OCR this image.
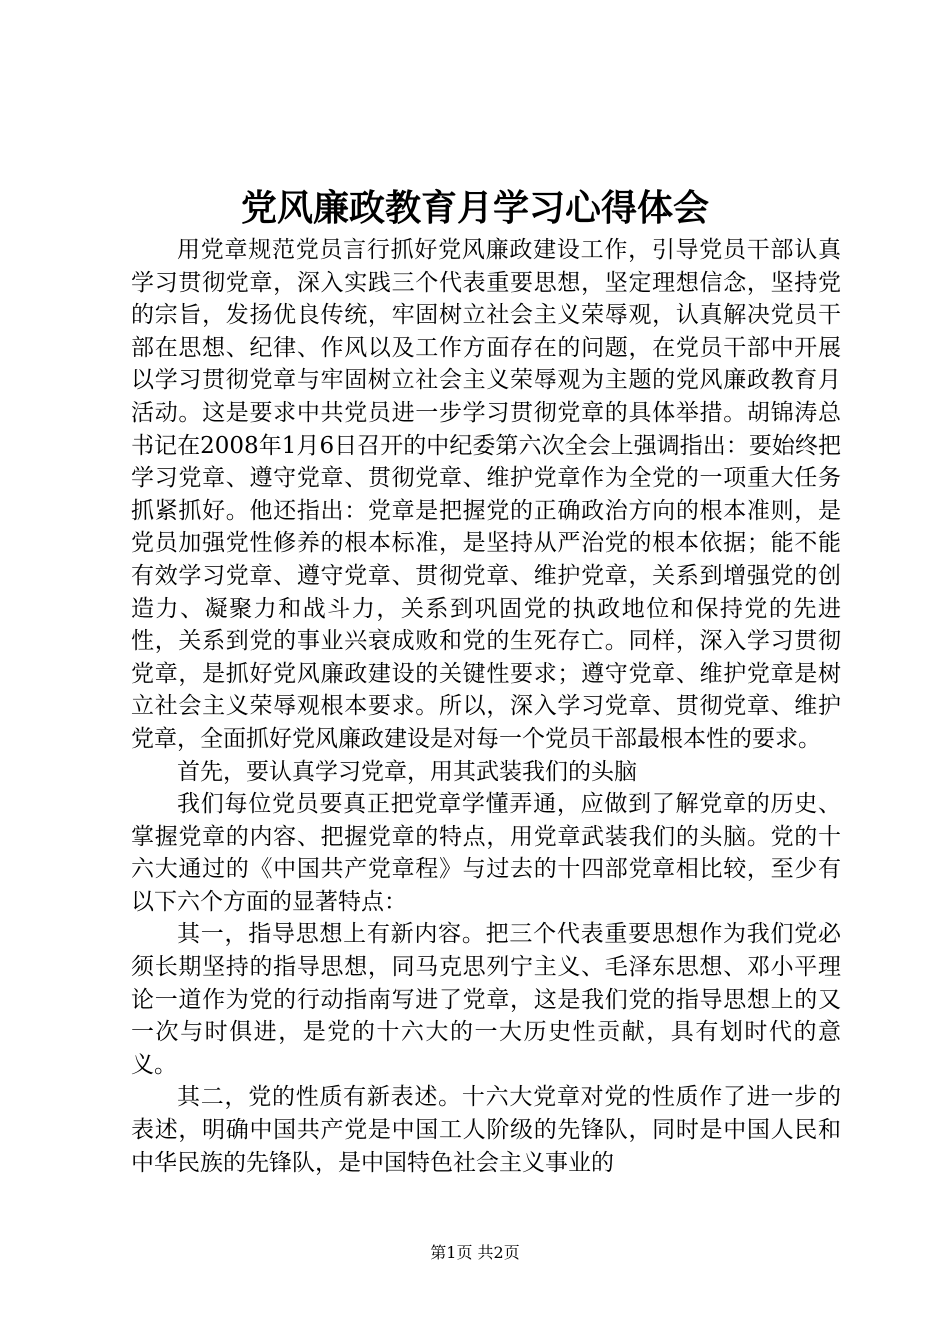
党风廉政教育月学习心得体会

用党章规范党员言行抓好党风廉政建设工作，引导党员干部认真学习贯彻党章，深入实践三个代表重要思想，坚定理想信念，坚持党的宗旨，发扬优良传统，牢固树立社会主义荣辱观，认真解决党员干部在思想、纪律、作风以及工作方面存在的问题，在党员干部中开展以学习贯彻党章与牢固树立社会主义荣辱观为主题的党风廉政教育月活动。这是要求中共党员进一步学习贯彻党章的具体举措。胡锦涛总书记在2008年1月6日召开的中纪委第六次全会上强调指出：要始终把学习党章、遵守党章、贯彻党章、维护党章作为全党的一项重大任务抓紧抓好。他还指出：党章是把握党的正确政治方向的根本准则，是党员加强党性修养的根本标准，是坚持从严治党的根本依据；能不能有效学习党章、遵守党章、贯彻党章、维护党章，关系到增强党的创造力、凝聚力和战斗力，关系到巩固党的执政地位和保持党的先进性，关系到党的事业兴衰成败和党的生死存亡。同样，深入学习贯彻党章，是抓好党风廉政建设的关键性要求；遵守党章、维护党章是树立社会主义荣辱观根本要求。所以，深入学习党章、贯彻党章、维护党章，全面抓好党风廉政建设是对每一个党员干部最根本性的要求。

首先，要认真学习党章，用其武装我们的头脑

我们每位党员要真正把党章学懂弄通，应做到了解党章的历史、掌握党章的内容、把握党章的特点，用党章武装我们的头脑。党的十六大通过的《中国共产党章程》与过去的十四部党章相比较，至少有以下六个方面的显著特点：

其一，指导思想上有新内容。把三个代表重要思想作为我们党必须长期坚持的指导思想，同马克思列宁主义、毛泽东思想、邓小平理论一道作为党的行动指南写进了党章，这是我们党的指导思想上的又一次与时俱进，是党的十六大的一大历史性贡献，具有划时代的意义。

其二，党的性质有新表述。十六大党章对党的性质作了进一步的表述，明确中国共产党是中国工人阶级的先锋队，同时是中国人民和中华民族的先锋队，是中国特色社会主义事业的

第1页 共2页
